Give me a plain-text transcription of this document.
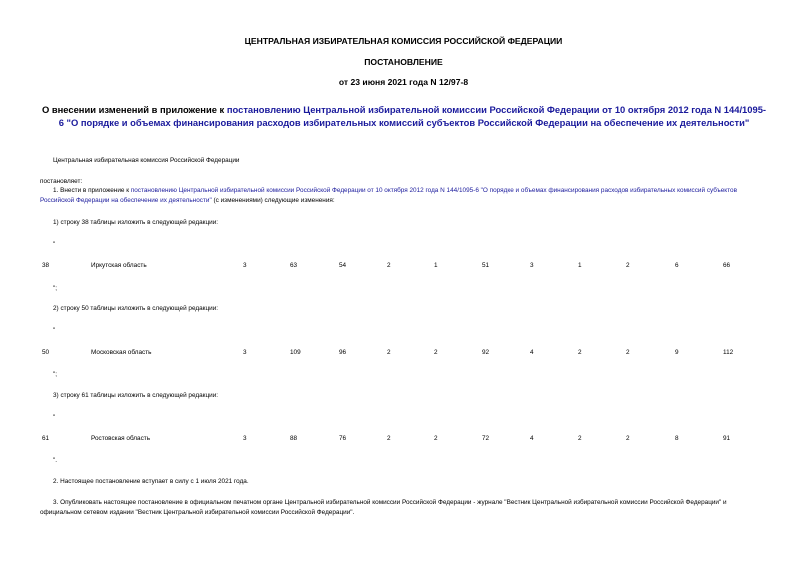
ЦЕНТРАЛЬНАЯ ИЗБИРАТЕЛЬНАЯ КОМИССИЯ РОССИЙСКОЙ ФЕДЕРАЦИИ
ПОСТАНОВЛЕНИЕ
от 23 июня 2021 года N 12/97-8
О внесении изменений в приложение к постановлению Центральной избирательной комиссии Российской Федерации от 10 октября 2012 года N 144/1095-6 "О порядке и объемах финансирования расходов избирательных комиссий субъектов Российской Федерации на обеспечение их деятельности"
Центральная избирательная комиссия Российской Федерации
постановляет:
1. Внести в приложение к постановлению Центральной избирательной комиссии Российской Федерации от 10 октября 2012 года N 144/1095-6 "О порядке и объемах финансирования расходов избирательных комиссий субъектов Российской Федерации на обеспечение их деятельности" (с изменениями) следующие изменения:
1) строку 38 таблицы изложить в следующей редакции:
"
38	Иркутская область	3	63	54	2	1	51	3	1	2	6	66
";
2) строку 50 таблицы изложить в следующей редакции:
"
50	Московская область	3	109	96	2	2	92	4	2	2	9	112
";
3) строку 61 таблицы изложить в следующей редакции:
"
61	Ростовская область	3	88	76	2	2	72	4	2	2	8	91
".
2. Настоящее постановление вступает в силу с 1 июля 2021 года.
3. Опубликовать настоящее постановление в официальном печатном органе Центральной избирательной комиссии Российской Федерации - журнале "Вестник Центральной избирательной комиссии Российской Федерации" и официальном сетевом издании "Вестник Центральной избирательной комиссии Российской Федерации".
